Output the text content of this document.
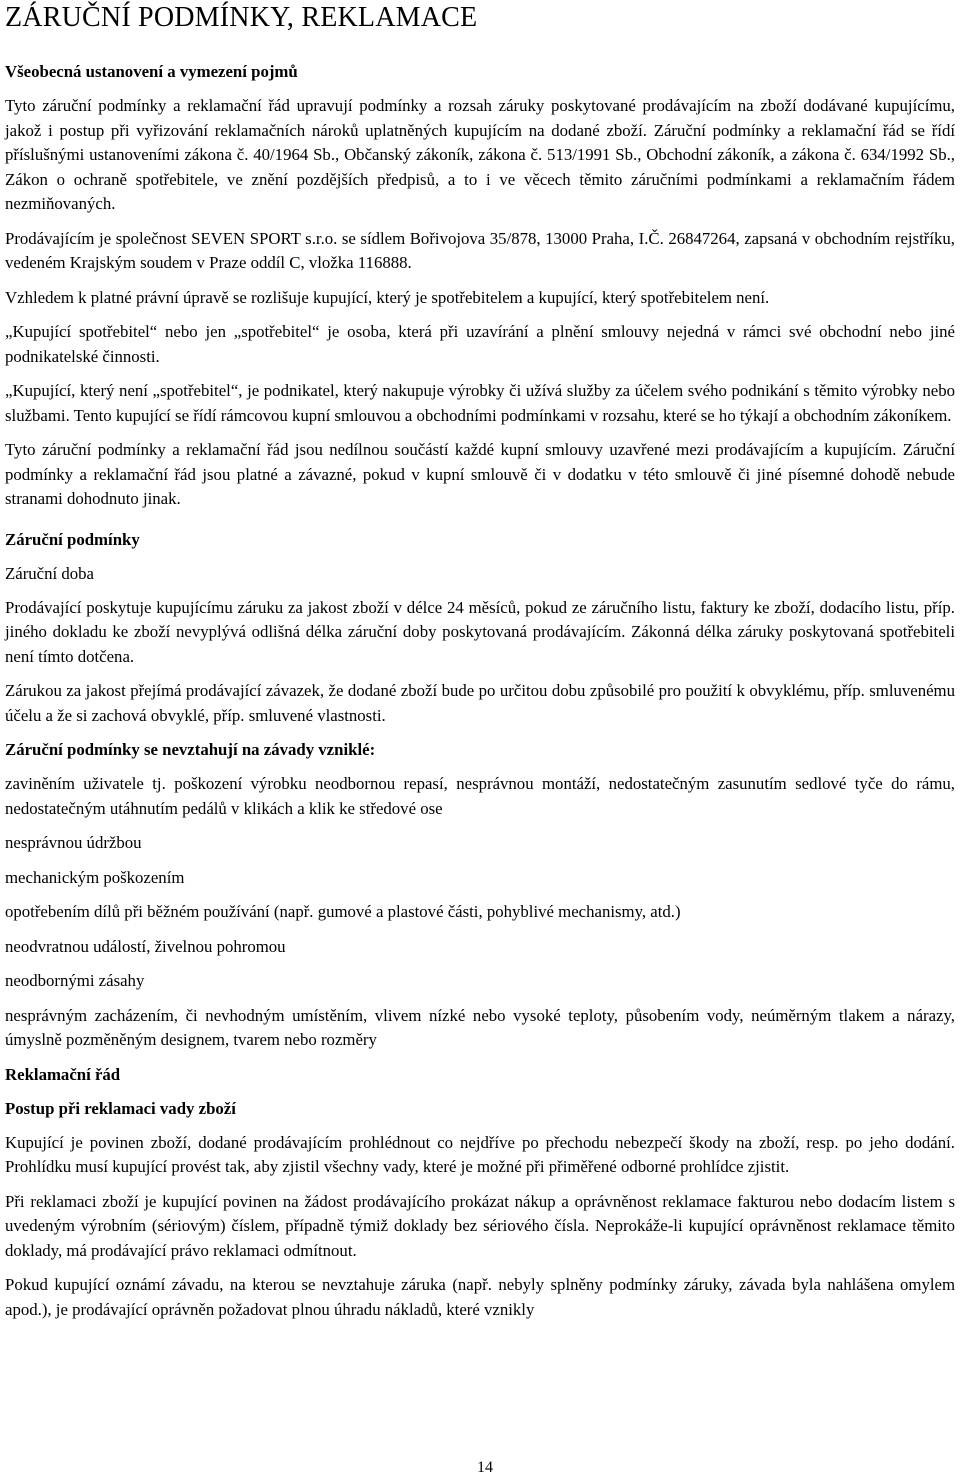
ZÁRUČNÍ PODMÍNKY, REKLAMACE
Všeobecná ustanovení a vymezení pojmů

Tyto záruční podmínky a reklamační řád upravují podmínky a rozsah záruky poskytované prodávajícím na zboží dodávané kupujícímu, jakož i postup při vyřizování reklamačních nároků uplatněných kupujícím na dodané zboží. Záruční podmínky a reklamační řád se řídí příslušnými ustanoveními zákona č. 40/1964 Sb., Občanský zákoník, zákona č. 513/1991 Sb., Obchodní zákoník, a zákona č. 634/1992 Sb., Zákon o ochraně spotřebitele, ve znění pozdějších předpisů, a to i ve věcech těmito záručními podmínkami a reklamačním řádem nezmiňovaných.

Prodávajícím je společnost SEVEN SPORT s.r.o. se sídlem Bořivojova 35/878, 13000 Praha, I.Č. 26847264, zapsaná v obchodním rejstříku, vedeném Krajským soudem v Praze oddíl C, vložka 116888.

Vzhledem k platné právní úpravě se rozlišuje kupující, který je spotřebitelem a kupující, který spotřebitelem není.

„Kupující spotřebitel“ nebo jen „spotřebitel“ je osoba, která při uzavírání a plnění smlouvy nejedná v rámci své obchodní nebo jiné podnikatelské činnosti.

„Kupující, který není „spotřebitel“, je podnikatel, který nakupuje výrobky či užívá služby za účelem svého podnikání s těmito výrobky nebo službami. Tento kupující se řídí rámcovou kupní smlouvou a obchodními podmínkami v rozsahu, které se ho týkají a obchodním zákoníkem.

Tyto záruční podmínky a reklamační řád jsou nedílnou součástí každé kupní smlouvy uzavřené mezi prodávajícím a kupujícím. Záruční podmínky a reklamační řád jsou platné a závazné, pokud v kupní smlouvě či v dodatku v této smlouvě či jiné písemné dohodě nebude stranami dohodnuto jinak.

Záruční podmínky
Záruční doba

Prodávající poskytuje kupujícímu záruku za jakost zboží v délce 24 měsíců, pokud ze záručního listu, faktury ke zboží, dodacího listu, příp. jiného dokladu ke zboží nevyplývá odlišná délka záruční doby poskytovaná prodávajícím. Zákonná délka záruky poskytovaná spotřebiteli není tímto dotčena.

Zárukou za jakost přejímá prodávající závazek, že dodané zboží bude po určitou dobu způsobilé pro použití k obvyklému, příp. smluvenému účelu a že si zachová obvyklé, příp. smluvené vlastnosti.

Záruční podmínky se nevztahují na závady vzniklé:

zaviněním uživatele tj. poškození výrobku neodbornou repasí, nesprávnou montáží, nedostatečným zasunutím sedlové tyče do rámu, nedostatečným utáhnutím pedálů v klikách a klik ke středové ose

nesprávnou údržbou

mechanickým poškozením

opotřebením dílů při běžném používání (např. gumové a plastové části, pohyblivé mechanismy, atd.)

neodvratnou událostí, živelnou pohromou

neodbornými zásahy

nesprávným zacházením, či nevhodným umístěním, vlivem nízké nebo vysoké teploty, působením vody, neúměrným tlakem a nárazy, úmyslně pozměněným designem, tvarem nebo rozměry

Reklamační řád
Postup při reklamaci vady zboží

Kupující je povinen zboží, dodané prodávajícím prohlédnout co nejdříve po přechodu nebezpečí škody na zboží, resp. po jeho dodání. Prohlídku musí kupující provést tak, aby zjistil všechny vady, které je možné při přiměřené odborné prohlídce zjistit.

Při reklamaci zboží je kupující povinen na žádost prodávajícího prokázat nákup a oprávněnost reklamace fakturou nebo dodacím listem s uvedeným výrobním (sériovým) číslem, případně týmiž doklady bez sériového čísla. Neprokáže-li kupující oprávněnost reklamace těmito doklady, má prodávající právo reklamaci odmítnout.

Pokud kupující oznámí závadu, na kterou se nevztahuje záruka (např. nebyly splněny podmínky záruky, závada byla nahlášena omylem apod.), je prodávající oprávněn požadovat plnou úhradu nákladů, které vznikly

14
